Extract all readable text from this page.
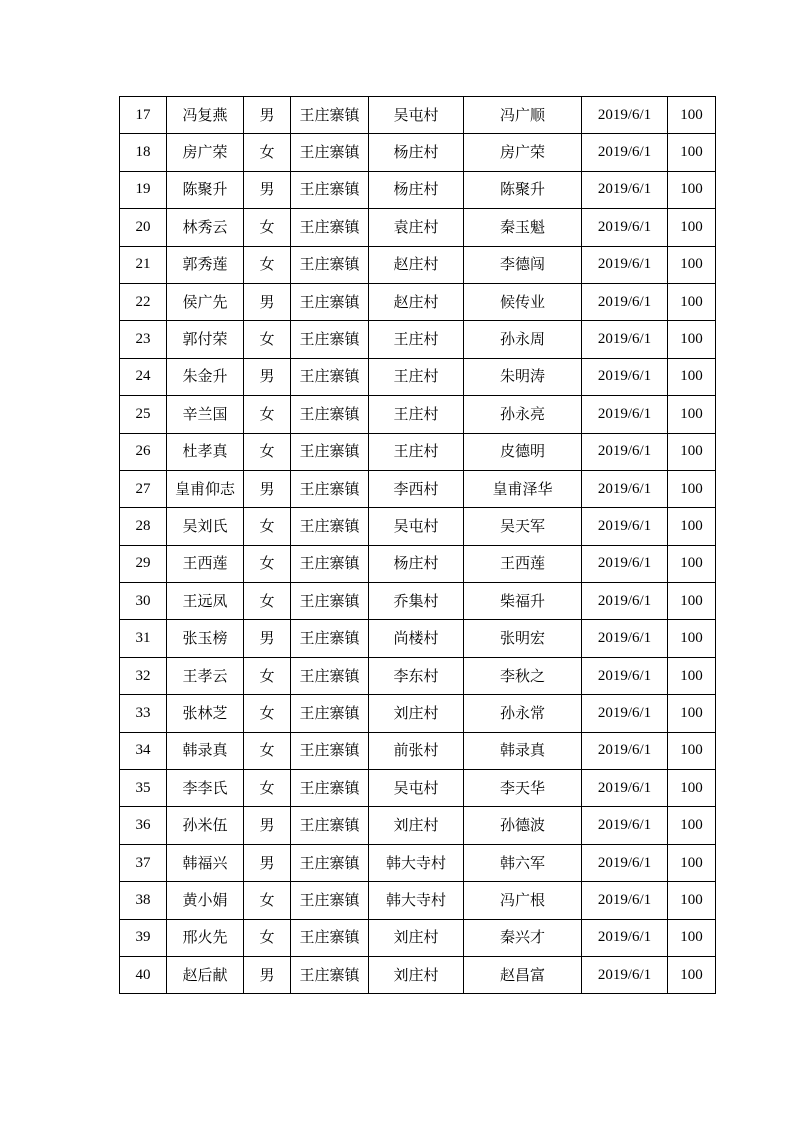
17	冯复燕	男	王庄寨镇	吴屯村	冯广顺	2019/6/1	100
18	房广荣	女	王庄寨镇	杨庄村	房广荣	2019/6/1	100
19	陈聚升	男	王庄寨镇	杨庄村	陈聚升	2019/6/1	100
20	林秀云	女	王庄寨镇	袁庄村	秦玉魁	2019/6/1	100
21	郭秀莲	女	王庄寨镇	赵庄村	李德闯	2019/6/1	100
22	侯广先	男	王庄寨镇	赵庄村	候传业	2019/6/1	100
23	郭付荣	女	王庄寨镇	王庄村	孙永周	2019/6/1	100
24	朱金升	男	王庄寨镇	王庄村	朱明涛	2019/6/1	100
25	辛兰国	女	王庄寨镇	王庄村	孙永亮	2019/6/1	100
26	杜孝真	女	王庄寨镇	王庄村	皮德明	2019/6/1	100
27	皇甫仰志	男	王庄寨镇	李西村	皇甫泽华	2019/6/1	100
28	吴刘氏	女	王庄寨镇	吴屯村	吴天军	2019/6/1	100
29	王西莲	女	王庄寨镇	杨庄村	王西莲	2019/6/1	100
30	王远凤	女	王庄寨镇	乔集村	柴福升	2019/6/1	100
31	张玉榜	男	王庄寨镇	尚楼村	张明宏	2019/6/1	100
32	王孝云	女	王庄寨镇	李东村	李秋之	2019/6/1	100
33	张林芝	女	王庄寨镇	刘庄村	孙永常	2019/6/1	100
34	韩录真	女	王庄寨镇	前张村	韩录真	2019/6/1	100
35	李李氏	女	王庄寨镇	吴屯村	李天华	2019/6/1	100
36	孙米伍	男	王庄寨镇	刘庄村	孙德波	2019/6/1	100
37	韩福兴	男	王庄寨镇	韩大寺村	韩六军	2019/6/1	100
38	黄小娟	女	王庄寨镇	韩大寺村	冯广根	2019/6/1	100
39	邢火先	女	王庄寨镇	刘庄村	秦兴才	2019/6/1	100
40	赵后献	男	王庄寨镇	刘庄村	赵昌富	2019/6/1	100
